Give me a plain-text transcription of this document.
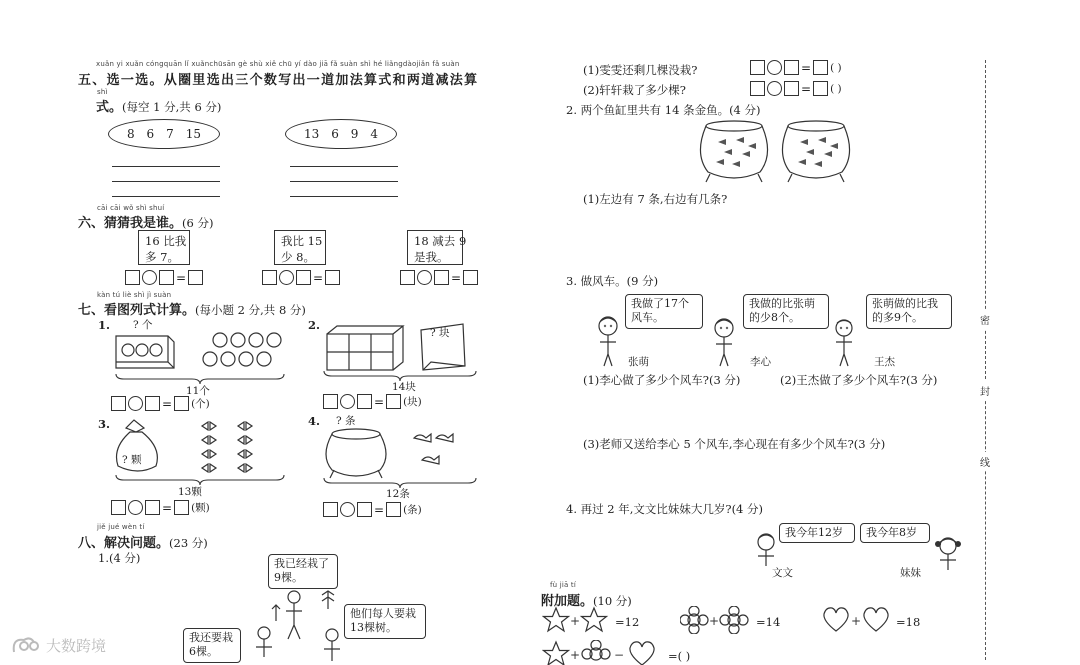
xuǎn yi xuǎn cóngquān lǐ xuǎnchūsān gè shù xiě chū yí dào jiā fǎ suàn shì hé liǎngdàojiǎn fǎ suàn
五、选一选。从圈里选出三个数写出一道加法算式和两道减法算
shì
式。(每空 1 分,共 6 分)
8 6 7 15	13 6 9 4
cāi cāi wǒ shì shuí
六、猜猜我是谁。(6 分)
16 比我
多 7。
我比 15
少 8。
18 减去 9
是我。
=	=	=
kàn tú liè shì jì suàn
七、看图列式计算。(每小题 2 分,共 8 分)
1. ? 个
11个
= (个)
2.
? 块
14块
= (块)
3.
? 颗
13颗
= (颗)
4. ? 条
12条
= (条)
jiě jué wèn tí
八、解决问题。(23 分)
1.(4 分)	我已经栽了
9棵。
他们每人要栽
13棵树。
我还要栽
6棵。
(1)雯雯还剩几棵没栽?	= ( )
(2)轩轩栽了多少棵?	= ( )
2. 两个鱼缸里共有 14 条金鱼。(4 分)
(1)左边有 7 条,右边有几条?
3. 做风车。(9 分)
我做了17个
风车。
我做的比张萌
的少8个。
张萌做的比我
的多9个。
张萌	李心	王杰
(1)李心做了多少个风车?(3 分)	(2)王杰做了多少个风车?(3 分)
(3)老师又送给李心 5 个风车,李心现在有多少个风车?(3 分)
4. 再过 2 年,文文比妹妹大几岁?(4 分)
我今年12岁	我今年8岁
文文	妹妹
fù jiā tí
附加题。(10 分)
+	=12	+	=14	+	=18
+	−	=( )
密
封
线
大数跨境
